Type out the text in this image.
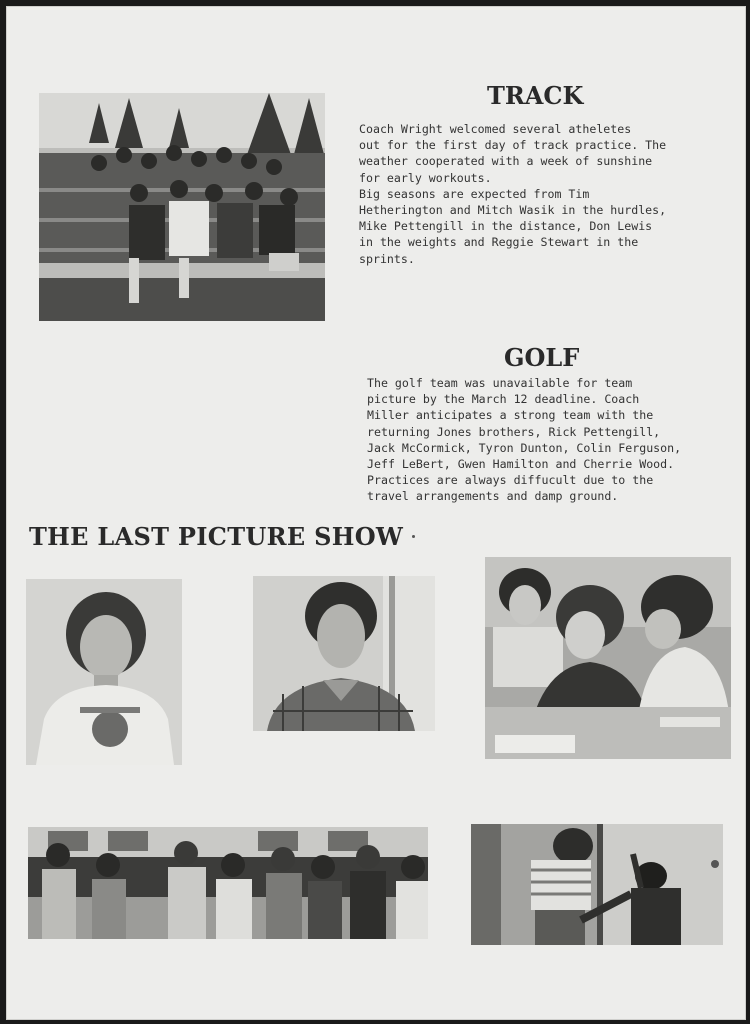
TRACK

Coach Wright welcomed several atheletes
out for the first day of track practice. The
weather cooperated with a week of sunshine
for early workouts.
Big seasons are expected from Tim
Hetherington and Mitch Wasik in the hurdles,
Mike Pettengill in the distance, Don Lewis
in the weights and Reggie Stewart in the
sprints.

GOLF

The golf team was unavailable for team
picture by the March 12 deadline. Coach
Miller anticipates a strong team with the
returning Jones brothers, Rick Pettengill,
Jack McCormick, Tyron Dunton, Colin Ferguson,
Jeff LeBert, Gwen Hamilton and Cherrie Wood.
Practices are always diffucult due to the
travel arrangements and damp ground.

THE LAST PICTURE SHOW
